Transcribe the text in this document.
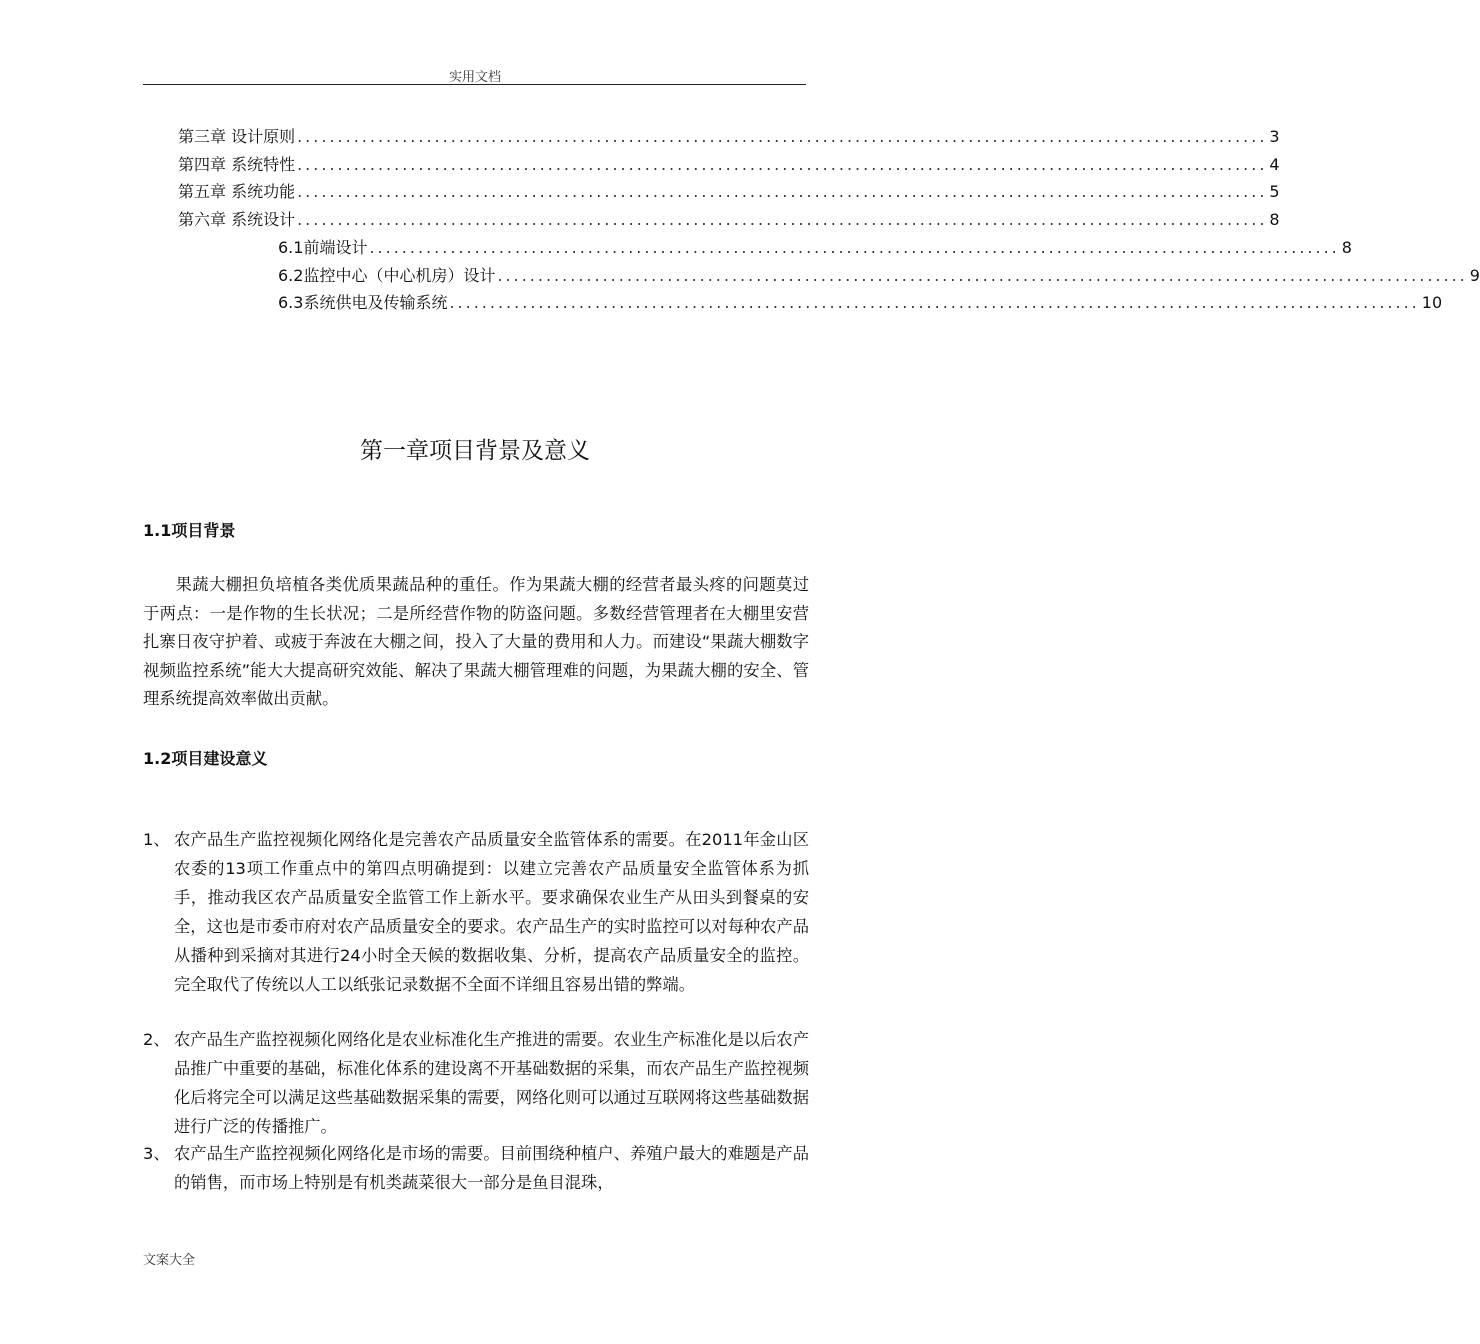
实用文档
第三章 设计原则 ........................................................................................................................ 3
第四章 系统特性 ........................................................................................................................ 4
第五章 系统功能 ........................................................................................................................ 5
第六章 系统设计 ........................................................................................................................ 8
6.1前端设计 ........................................................................................................................ 8
6.2监控中心（中心机房）设计 ........................................................................................................................ 9
6.3系统供电及传输系统 ........................................................................................................................ 10
第一章项目背景及意义
1.1项目背景

果蔬大棚担负培植各类优质果蔬品种的重任。作为果蔬大棚的经营者最头疼的问题莫过于两点：一是作物的生长状况；二是所经营作物的防盗问题。多数经营管理者在大棚里安营扎寨日夜守护着、或疲于奔波在大棚之间，投入了大量的费用和人力。而建设“果蔬大棚数字视频监控系统”能大大提高研究效能、解决了果蔬大棚管理难的问题，为果蔬大棚的安全、管理系统提高效率做出贡献。

1.2项目建设意义
1、 农产品生产监控视频化网络化是完善农产品质量安全监管体系的需要。在2011年金山区农委的13项工作重点中的第四点明确提到：以建立完善农产品质量安全监管体系为抓手，推动我区农产品质量安全监管工作上新水平。要求确保农业生产从田头到餐桌的安全，这也是市委市府对农产品质量安全的要求。农产品生产的实时监控可以对每种农产品从播种到采摘对其进行24小时全天候的数据收集、分析，提高农产品质量安全的监控。完全取代了传统以人工以纸张记录数据不全面不详细且容易出错的弊端。
2、 农产品生产监控视频化网络化是农业标准化生产推进的需要。农业生产标准化是以后农产品推广中重要的基础，标准化体系的建设离不开基础数据的采集，而农产品生产监控视频化后将完全可以满足这些基础数据采集的需要，网络化则可以通过互联网将这些基础数据进行广泛的传播推广。
3、 农产品生产监控视频化网络化是市场的需要。目前围绕种植户、养殖户最大的难题是产品的销售，而市场上特别是有机类蔬菜很大一部分是鱼目混珠，
文案大全
